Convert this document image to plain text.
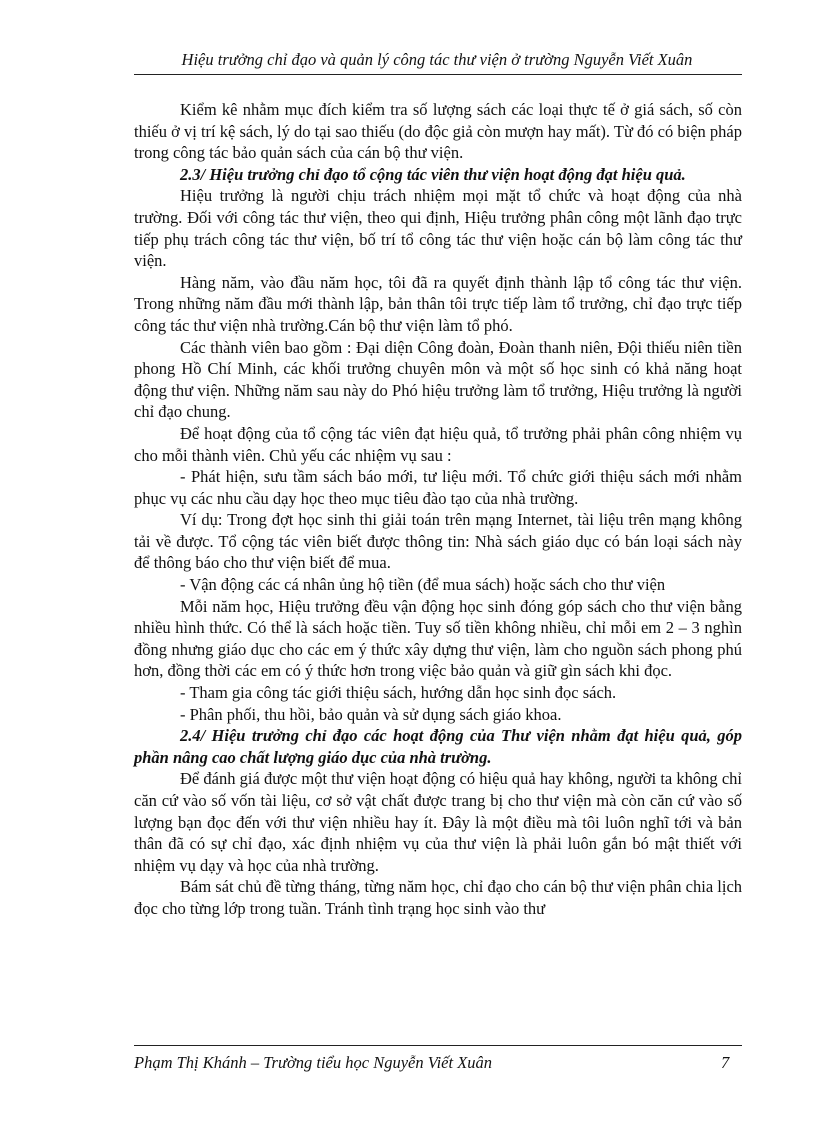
Hiệu trưởng chỉ đạo và quản lý công tác thư viện ở trường Nguyễn Viết Xuân

Kiểm kê nhằm mục đích kiểm tra số lượng sách các loại thực tế ở giá sách, số còn thiếu ở vị trí kệ sách, lý do tại sao thiếu (do độc giả còn mượn hay mất). Từ đó có biện pháp trong công tác bảo quản sách của cán bộ thư viện.

2.3/ Hiệu trưởng chỉ đạo tổ cộng tác viên thư viện hoạt động đạt hiệu quả.

Hiệu trưởng là người chịu trách nhiệm mọi mặt tổ chức và hoạt động của nhà trường. Đối với công tác thư viện, theo qui định, Hiệu trưởng phân công một lãnh đạo trực tiếp phụ trách công tác thư viện, bố trí tổ công tác thư viện hoặc cán bộ làm công tác thư viện.

Hàng năm, vào đầu năm học, tôi đã ra quyết định thành lập tổ công tác thư viện. Trong những năm đầu mới thành lập, bản thân tôi trực tiếp làm tổ trưởng, chỉ đạo trực tiếp công tác thư viện nhà trường.Cán bộ thư viện làm tổ phó.

Các thành viên bao gồm : Đại diện Công đoàn, Đoàn thanh niên, Đội thiếu niên tiền phong Hồ Chí Minh, các khối trưởng chuyên môn và một số học sinh có khả năng hoạt động thư viện. Những năm sau này do Phó hiệu trưởng làm tổ trưởng, Hiệu trưởng là người chỉ đạo chung.

Để hoạt động của tổ cộng tác viên đạt hiệu quả, tổ trưởng phải phân công nhiệm vụ cho mỗi thành viên. Chủ yếu các nhiệm vụ sau :

- Phát hiện, sưu tầm sách báo mới, tư liệu mới. Tổ chức giới thiệu sách mới nhằm phục vụ các nhu cầu dạy học theo mục tiêu đào tạo của nhà trường.

Ví dụ: Trong đợt học sinh thi giải toán trên mạng Internet, tài liệu trên mạng không tải về được. Tổ cộng tác viên biết được thông tin: Nhà sách giáo dục có bán loại sách này để thông báo cho thư viện biết để mua.

- Vận động các cá nhân ủng hộ tiền (để mua sách) hoặc sách cho thư viện

Mỗi năm học, Hiệu trưởng đều vận động học sinh đóng góp sách cho thư viện bằng nhiều hình thức. Có thể là sách hoặc tiền. Tuy số tiền không nhiều, chỉ mỗi em 2 – 3 nghìn đồng nhưng giáo dục cho các em ý thức xây dựng thư viện, làm cho nguồn sách phong phú hơn, đồng thời các em có ý thức hơn trong việc bảo quản và giữ gìn sách khi đọc.

- Tham gia công tác giới thiệu sách, hướng dẫn học sinh đọc sách.

- Phân phối, thu hồi, bảo quản và sử dụng sách giáo khoa.

2.4/ Hiệu trưởng chỉ đạo các hoạt động của Thư viện nhằm đạt hiệu quả, góp phần nâng cao chất lượng giáo dục của nhà trường.

Để đánh giá được một thư viện hoạt động có hiệu quả hay không, người ta không chỉ căn cứ vào số vốn tài liệu, cơ sở vật chất được trang bị cho thư viện mà còn căn cứ vào số lượng bạn đọc đến với thư viện nhiều hay ít. Đây là một điều mà tôi luôn nghĩ tới và bản thân đã có sự chỉ đạo, xác định nhiệm vụ của thư viện là phải luôn gắn bó mật thiết với nhiệm vụ dạy và học của nhà trường.

Bám sát chủ đề từng tháng, từng năm học, chỉ đạo cho cán bộ thư viện phân chia lịch đọc cho từng lớp trong tuần. Tránh tình trạng học sinh vào thư

Phạm Thị Khánh – Trường tiểu học Nguyễn Viết Xuân	7
